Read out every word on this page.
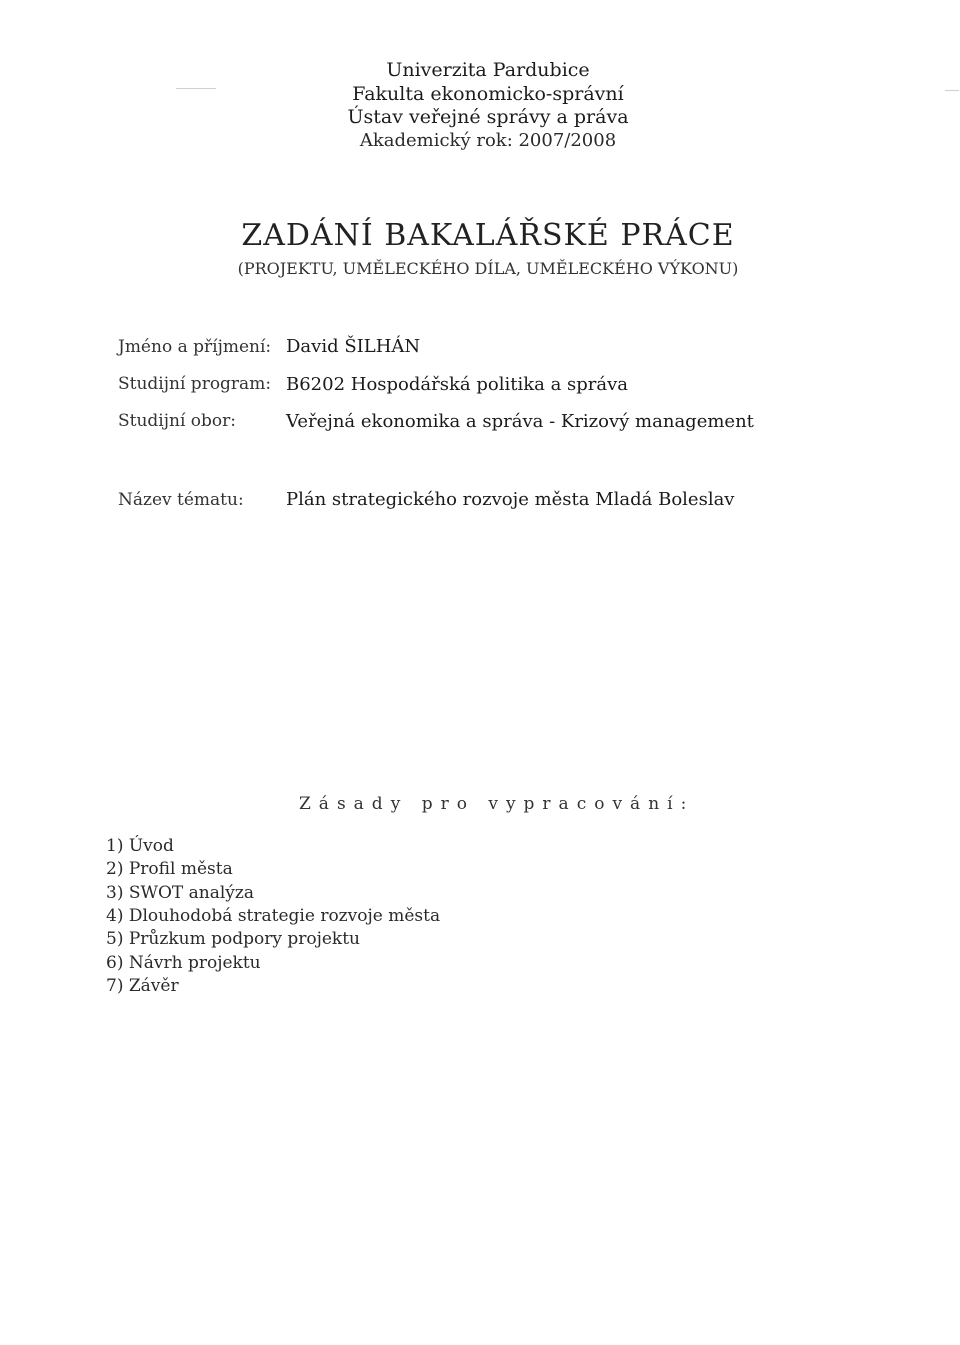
Univerzita Pardubice
Fakulta ekonomicko-správní
Ústav veřejné správy a práva
Akademický rok: 2007/2008
ZADÁNÍ BAKALÁŘSKÉ PRÁCE
(PROJEKTU, UMĚLECKÉHO DÍLA, UMĚLECKÉHO VÝKONU)
Jméno a příjmení: David ŠILHÁN
Studijní program: B6202 Hospodářská politika a správa
Studijní obor:	Veřejná ekonomika a správa - Krizový management
Název tématu: Plán strategického rozvoje města Mladá Boleslav
Zásady pro vypracování:
1) Úvod
2) Profil města
3) SWOT analýza
4) Dlouhodobá strategie rozvoje města
5) Průzkum podpory projektu
6) Návrh projektu
7) Závěr
